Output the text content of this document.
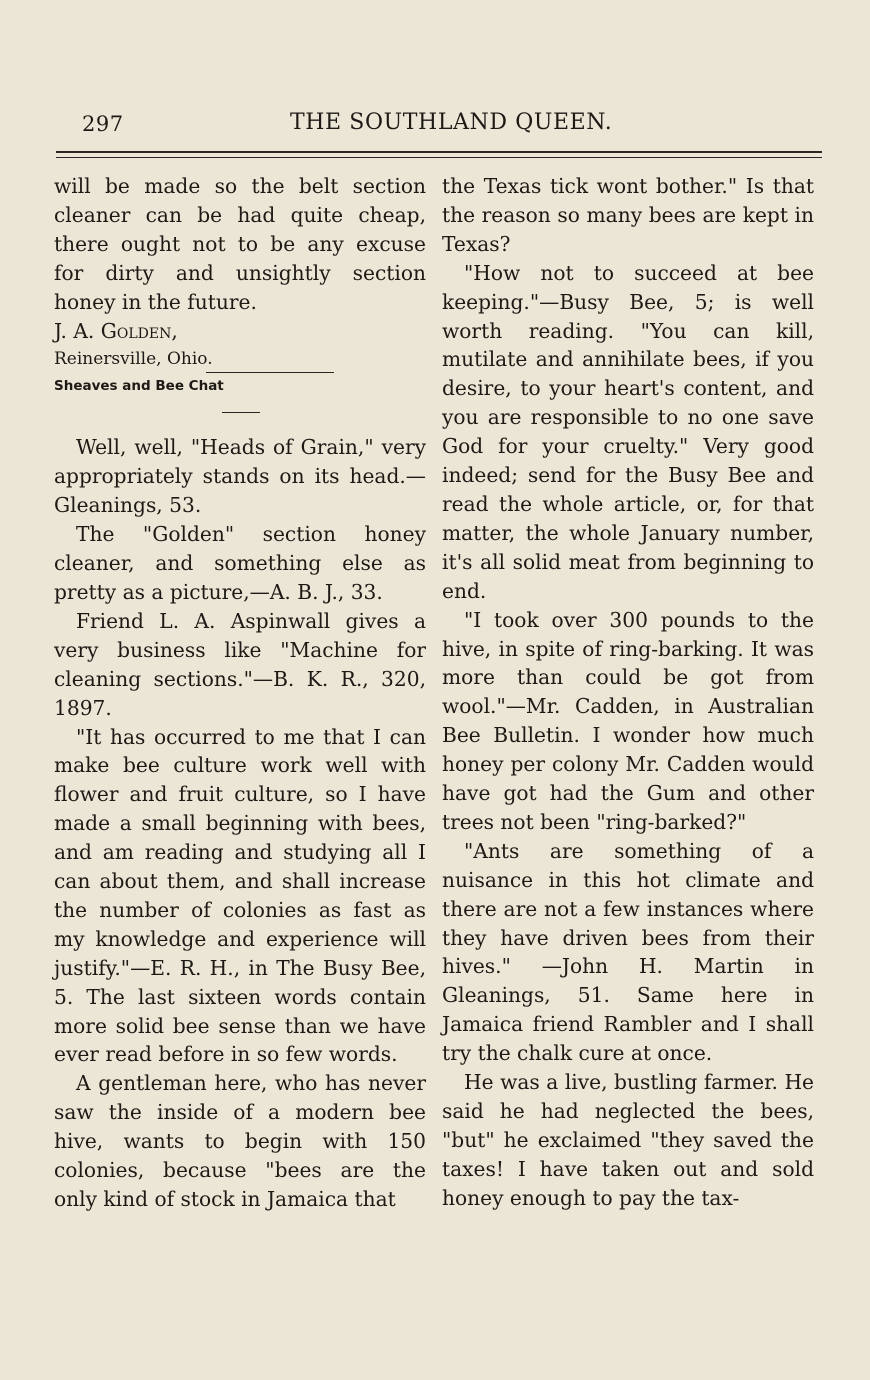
297	THE SOUTHLAND QUEEN.

will be made so the belt section cleaner can be had quite cheap, there ought not to be any excuse for dirty and unsightly section honey in the future.

J. A. Golden,

Reinersville, Ohio.

Sheaves and Bee Chat

Well, well, "Heads of Grain," very appropriately stands on its head.—Gleanings, 53.

The "Golden" section honey cleaner, and something else as pretty as a picture,—A. B. J., 33.

Friend L. A. Aspinwall gives a very business like "Machine for cleaning sections."—B. K. R., 320, 1897.

"It has occurred to me that I can make bee culture work well with flower and fruit culture, so I have made a small beginning with bees, and am reading and studying all I can about them, and shall increase the number of colonies as fast as my knowledge and experience will justify."—E. R. H., in The Busy Bee, 5. The last sixteen words contain more solid bee sense than we have ever read before in so few words.

A gentleman here, who has never saw the inside of a modern bee hive, wants to begin with 150 colonies, because "bees are the only kind of stock in Jamaica that

the Texas tick wont bother." Is that the reason so many bees are kept in Texas?

"How not to succeed at bee keeping."—Busy Bee, 5; is well worth reading. "You can kill, mutilate and annihilate bees, if you desire, to your heart's content, and you are responsible to no one save God for your cruelty." Very good indeed; send for the Busy Bee and read the whole article, or, for that matter, the whole January number, it's all solid meat from beginning to end.

"I took over 300 pounds to the hive, in spite of ring-barking. It was more than could be got from wool."—Mr. Cadden, in Australian Bee Bulletin. I wonder how much honey per colony Mr. Cadden would have got had the Gum and other trees not been "ring-barked?"

"Ants are something of a nuisance in this hot climate and there are not a few instances where they have driven bees from their hives." —John H. Martin in Gleanings, 51. Same here in Jamaica friend Rambler and I shall try the chalk cure at once.

He was a live, bustling farmer. He said he had neglected the bees, "but" he exclaimed "they saved the taxes! I have taken out and sold honey enough to pay the tax-
